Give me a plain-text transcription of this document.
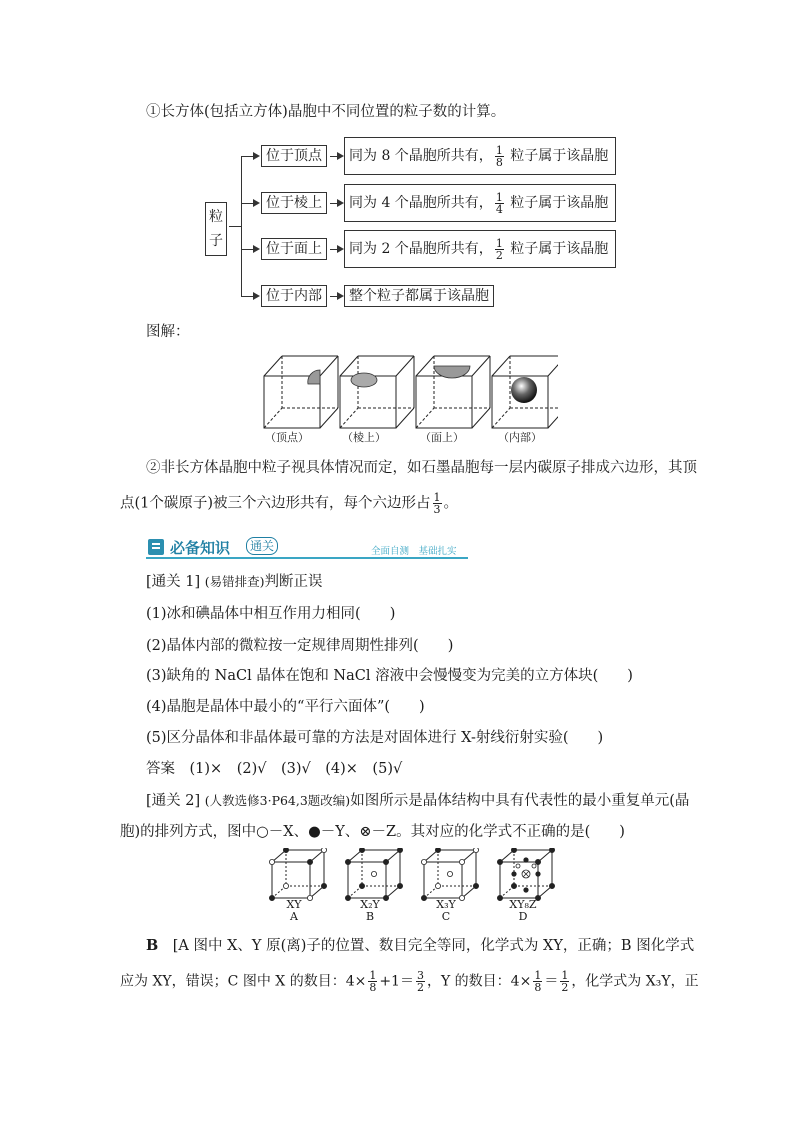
①长方体(包括立方体)晶胞中不同位置的粒子数的计算。
粒子
位于顶点	同为 8 个晶胞所共有， $\frac{1}{8}$ 粒子属于该晶胞
位于棱上	同为 4 个晶胞所共有， $\frac{1}{4}$ 粒子属于该晶胞
位于面上	同为 2 个晶胞所共有， $\frac{1}{2}$ 粒子属于该晶胞
位于内部	整个粒子都属于该晶胞
图解：
（顶点）	（棱上）	（面上）	（内部）
②非长方体晶胞中粒子视具体情况而定，如石墨晶胞每一层内碳原子排成六边形，其顶
点(1个碳原子)被三个六边形共有，每个六边形占 $\frac{1}{3}$ 。
必备知识	通关	全面自测　基础扎实
[通关 1] (易错排查)判断正误
(1)冰和碘晶体中相互作用力相同(　　)
(2)晶体内部的微粒按一定规律周期性排列(　　)
(3)缺角的 NaCl 晶体在饱和 NaCl 溶液中会慢慢变为完美的立方体块(　　)
(4)晶胞是晶体中最小的“平行六面体”(　　)
(5)区分晶体和非晶体最可靠的方法是对固体进行 X-射线衍射实验(　　)
答案　(1)×　(2)√　(3)√　(4)×　(5)√
[通关 2] (人教选修3·P64,3题改编)如图所示是晶体结构中具有代表性的最小重复单元(晶
胞)的排列方式，图中○－X、●－Y、⊗－Z。其对应的化学式不正确的是(　　)
XY
A
X₂Y
B
X₃Y
C
XY₈Z
D
B　 [A 图中 X、Y 原(离)子的位置、数目完全等同，化学式为 XY，正确；B 图化学式
应为 XY，错误；C 图中 X 的数目：$4\times \frac{1}{8} +1= \frac{3}{2}$ ，Y 的数目：$4\times \frac{1}{8} = \frac{1}{2}$ ，化学式为 X₃Y，正
